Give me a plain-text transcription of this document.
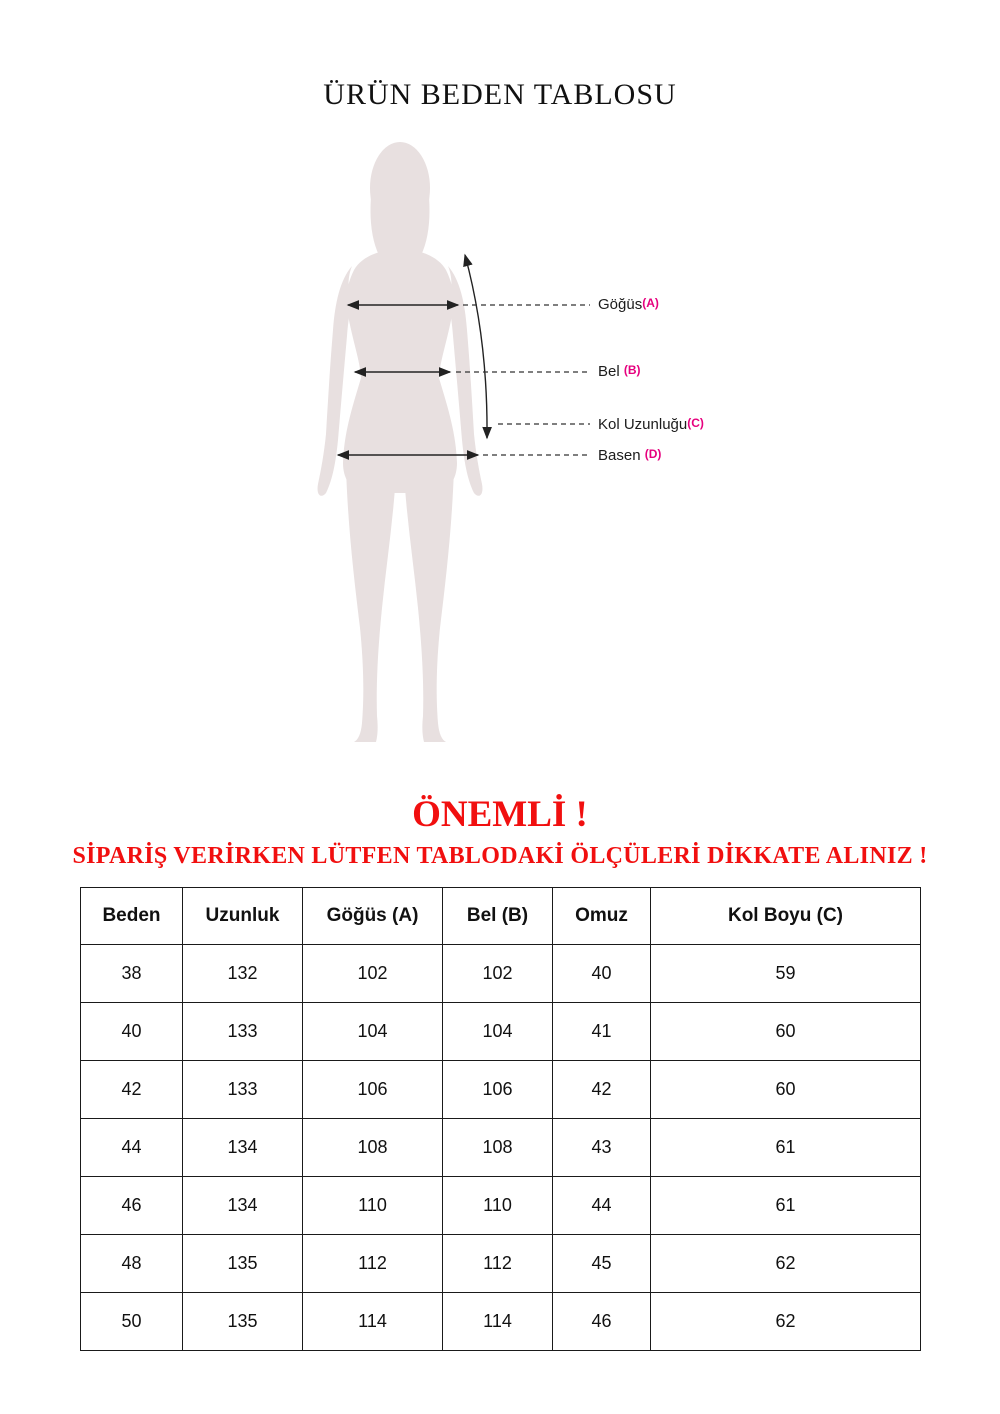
ÜRÜN BEDEN TABLOSU
Göğüs(A)
Bel (B)
Kol Uzunluğu(C)
Basen (D)
ÖNEMLİ !
SİPARİŞ VERİRKEN LÜTFEN TABLODAKİ ÖLÇÜLERİ DİKKATE ALINIZ !
Beden	Uzunluk	Göğüs (A)	Bel (B)	Omuz	Kol Boyu (C)
38	132	102	102	40	59
40	133	104	104	41	60
42	133	106	106	42	60
44	134	108	108	43	61
46	134	110	110	44	61
48	135	112	112	45	62
50	135	114	114	46	62
